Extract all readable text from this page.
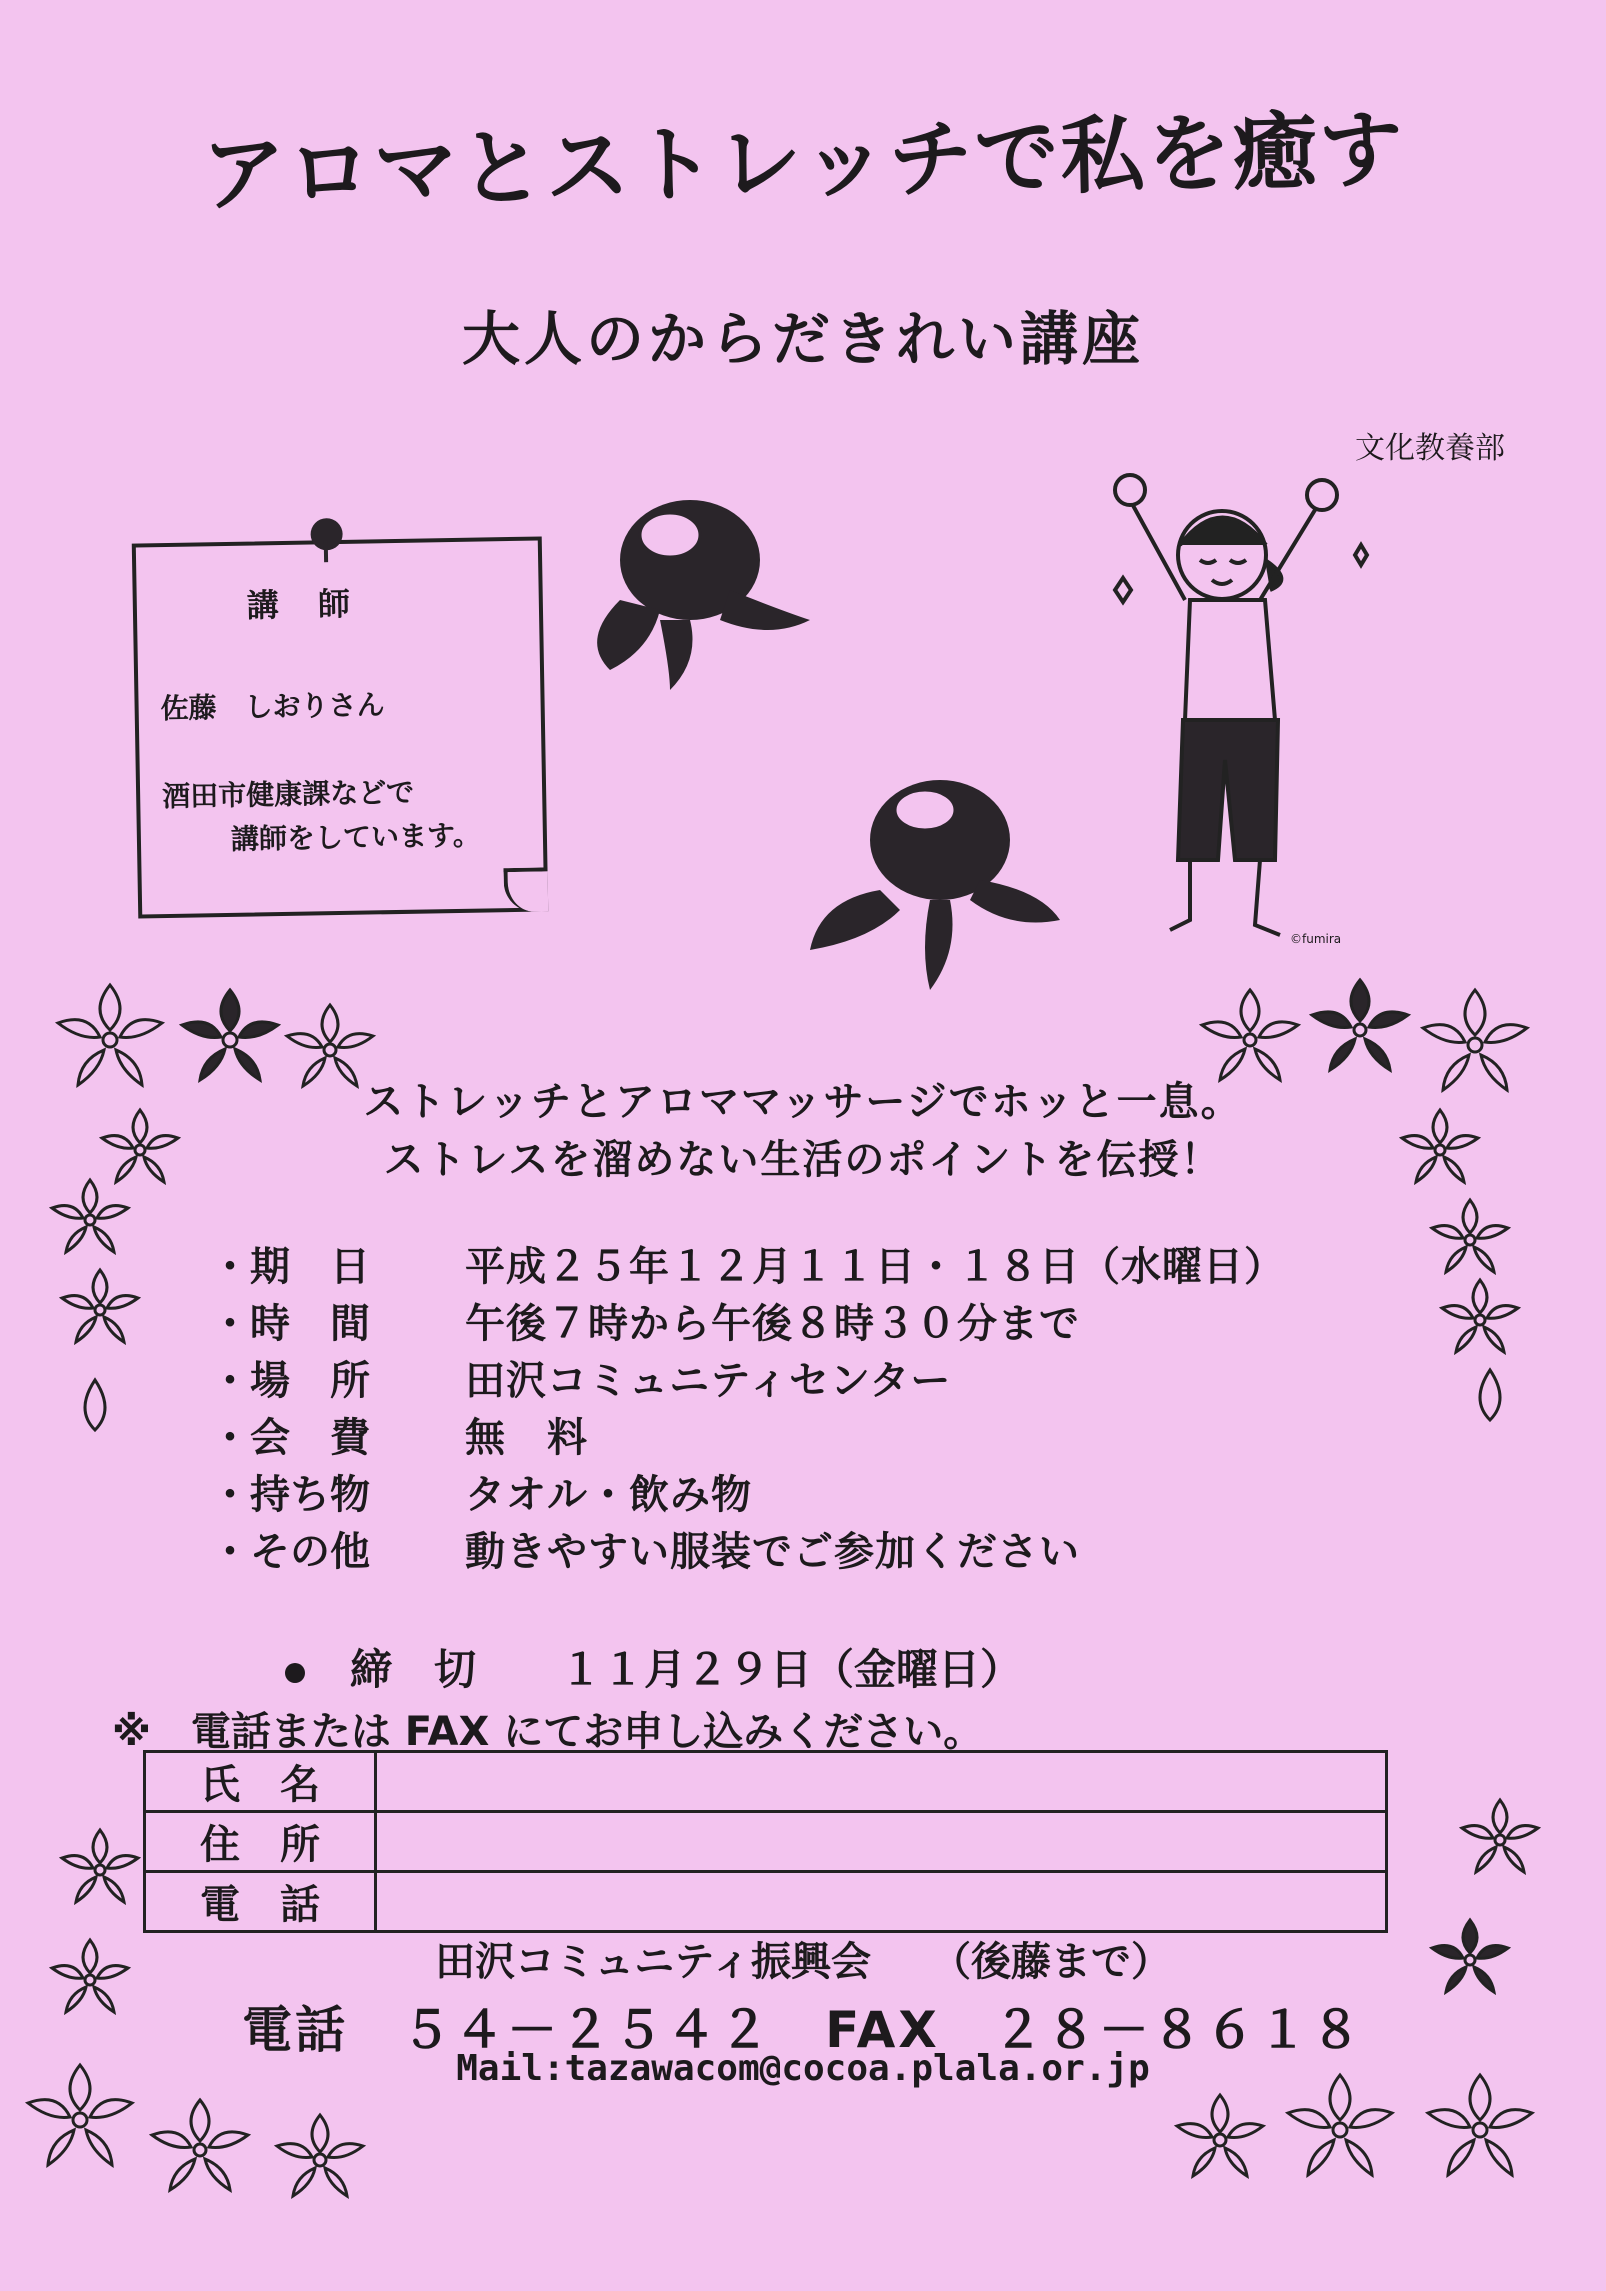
アロマとストレッチで私を癒す
大人のからだきれい講座
文化教養部
講 師
佐藤　しおりさん
酒田市健康課などで
講師をしています。
©fumira
ストレッチとアロママッサージでホッと一息。
ストレスを溜めない生活のポイントを伝授！
・期　日 平成２５年１２月１１日・１８日（水曜日）
・時　間 午後７時から午後８時３０分まで
・場　所 田沢コミュニティセンター
・会　費 無　料
・持ち物 タオル・飲み物
・その他 動きやすい服装でご参加ください
締　切　　１１月２９日（金曜日）
※　電話または FAX にてお申し込みください。
氏　名	
住　所	
電　話	
田沢コミュニティ振興会　　（後藤まで）
電話　５４－２５４２　FAX　２８－８６１８
Mail:tazawacom@cocoa.plala.or.jp
